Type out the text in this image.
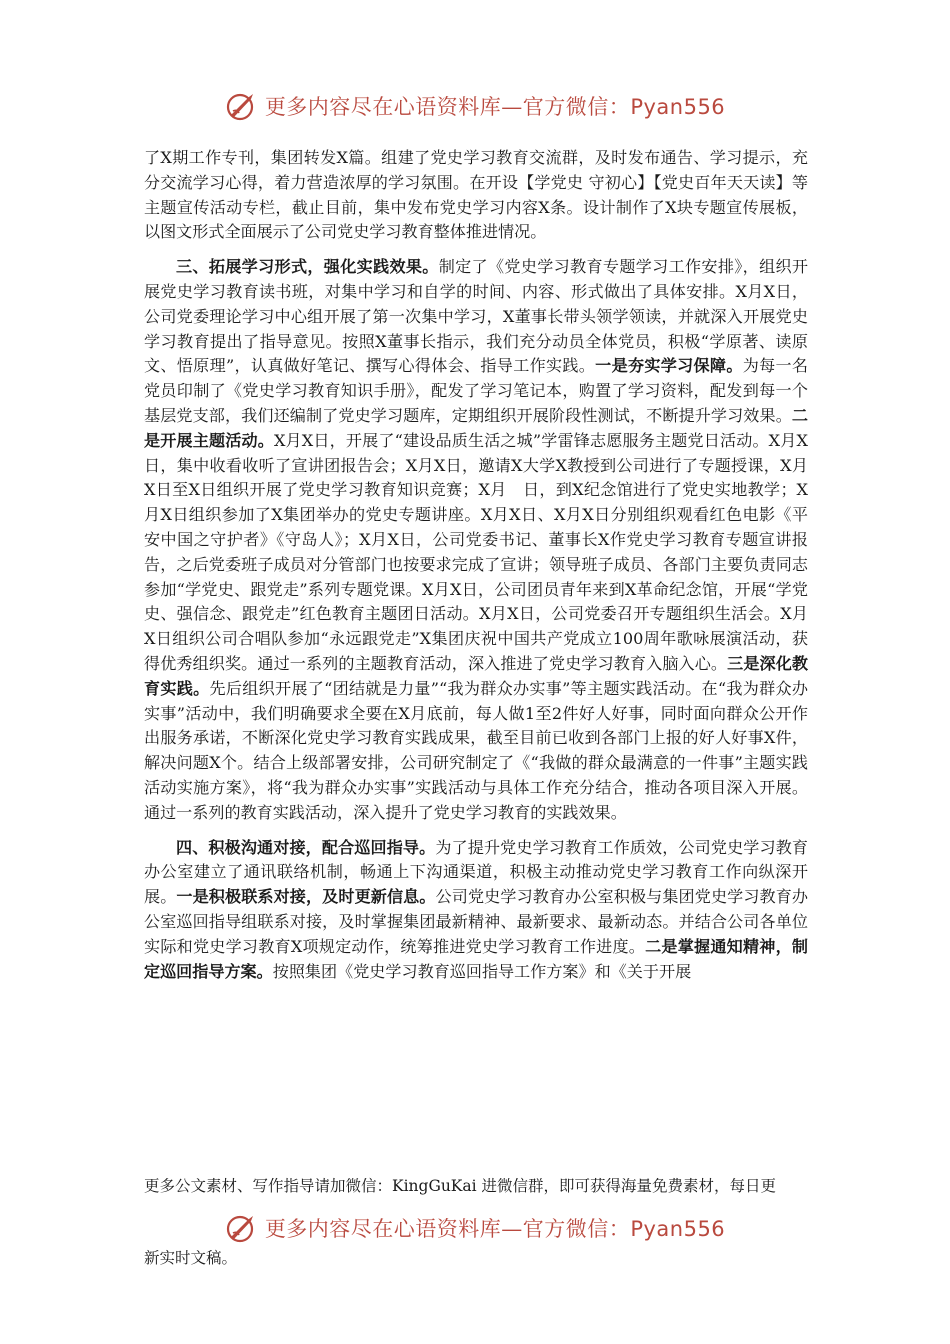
更多内容尽在心语资料库—官方微信：Pyan556

了X期工作专刊，集团转发X篇。组建了党史学习教育交流群，及时发布通告、学习提示，充分交流学习心得，着力营造浓厚的学习氛围。在开设【学党史 守初心】【党史百年天天读】等主题宣传活动专栏，截止目前，集中发布党史学习内容X条。设计制作了X块专题宣传展板，以图文形式全面展示了公司党史学习教育整体推进情况。

三、拓展学习形式，强化实践效果。制定了《党史学习教育专题学习工作安排》，组织开展党史学习教育读书班，对集中学习和自学的时间、内容、形式做出了具体安排。X月X日，公司党委理论学习中心组开展了第一次集中学习，X董事长带头领学领读，并就深入开展党史学习教育提出了指导意见。按照X董事长指示，我们充分动员全体党员，积极“学原著、读原文、悟原理”，认真做好笔记、撰写心得体会、指导工作实践。一是夯实学习保障。为每一名党员印制了《党史学习教育知识手册》，配发了学习笔记本，购置了学习资料，配发到每一个基层党支部，我们还编制了党史学习题库，定期组织开展阶段性测试，不断提升学习效果。二是开展主题活动。X月X日，开展了“建设品质生活之城”学雷锋志愿服务主题党日活动。X月X日，集中收看收听了宣讲团报告会；X月X日，邀请X大学X教授到公司进行了专题授课，X月X日至X日组织开展了党史学习教育知识竞赛；X月　日，到X纪念馆进行了党史实地教学；X月X日组织参加了X集团举办的党史专题讲座。X月X日、X月X日分别组织观看红色电影《平安中国之守护者》《守岛人》；X月X日，公司党委书记、董事长X作党史学习教育专题宣讲报告，之后党委班子成员对分管部门也按要求完成了宣讲；领导班子成员、各部门主要负责同志参加“学党史、跟党走”系列专题党课。X月X日，公司团员青年来到X革命纪念馆，开展“学党史、强信念、跟党走”红色教育主题团日活动。X月X日，公司党委召开专题组织生活会。X月X日组织公司合唱队参加“永远跟党走”X集团庆祝中国共产党成立100周年歌咏展演活动，获得优秀组织奖。通过一系列的主题教育活动，深入推进了党史学习教育入脑入心。三是深化教育实践。先后组织开展了“团结就是力量”“我为群众办实事”等主题实践活动。在“我为群众办实事”活动中，我们明确要求全要在X月底前，每人做1至2件好人好事，同时面向群众公开作出服务承诺，不断深化党史学习教育实践成果，截至目前已收到各部门上报的好人好事X件，解决问题X个。结合上级部署安排，公司研究制定了《“我做的群众最满意的一件事”主题实践活动实施方案》，将“我为群众办实事”实践活动与具体工作充分结合，推动各项目深入开展。通过一系列的教育实践活动，深入提升了党史学习教育的实践效果。

四、积极沟通对接，配合巡回指导。为了提升党史学习教育工作质效，公司党史学习教育办公室建立了通讯联络机制，畅通上下沟通渠道，积极主动推动党史学习教育工作向纵深开展。一是积极联系对接，及时更新信息。公司党史学习教育办公室积极与集团党史学习教育办公室巡回指导组联系对接，及时掌握集团最新精神、最新要求、最新动态。并结合公司各单位实际和党史学习教育X项规定动作，统筹推进党史学习教育工作进度。二是掌握通知精神，制定巡回指导方案。按照集团《党史学习教育巡回指导工作方案》和《关于开展

更多公文素材、写作指导请加微信：KingGuKai 进微信群，即可获得海量免费素材，每日更
更多内容尽在心语资料库—官方微信：Pyan556
新实时文稿。
